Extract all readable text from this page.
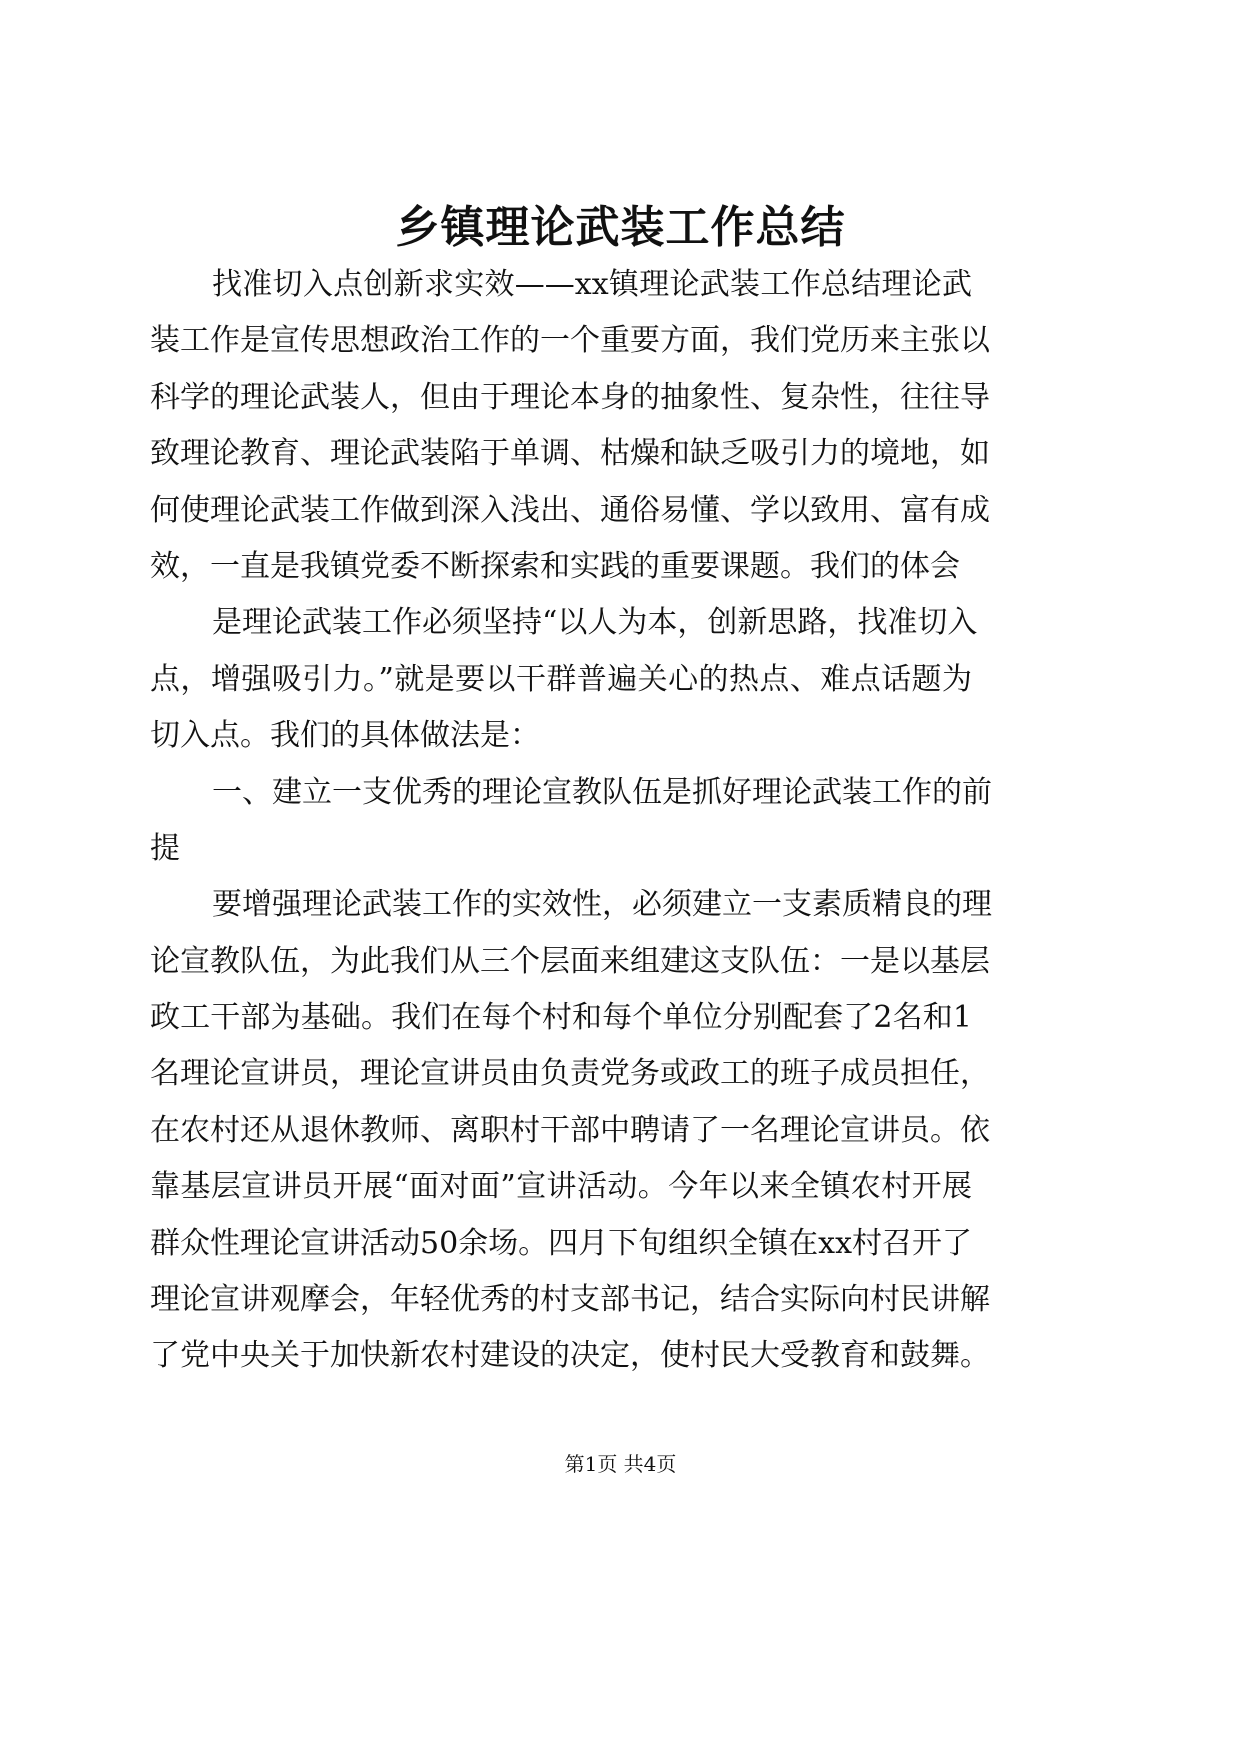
乡镇理论武装工作总结
找准切入点创新求实效——xx镇理论武装工作总结理论武
装工作是宣传思想政治工作的一个重要方面，我们党历来主张以
科学的理论武装人，但由于理论本身的抽象性、复杂性，往往导
致理论教育、理论武装陷于单调、枯燥和缺乏吸引力的境地，如
何使理论武装工作做到深入浅出、通俗易懂、学以致用、富有成
效，一直是我镇党委不断探索和实践的重要课题。我们的体会
是理论武装工作必须坚持“以人为本，创新思路，找准切入
点，增强吸引力。”就是要以干群普遍关心的热点、难点话题为
切入点。我们的具体做法是：
一、建立一支优秀的理论宣教队伍是抓好理论武装工作的前
提
要增强理论武装工作的实效性，必须建立一支素质精良的理
论宣教队伍，为此我们从三个层面来组建这支队伍：一是以基层
政工干部为基础。我们在每个村和每个单位分别配套了2名和1
名理论宣讲员，理论宣讲员由负责党务或政工的班子成员担任，
在农村还从退休教师、离职村干部中聘请了一名理论宣讲员。依
靠基层宣讲员开展“面对面”宣讲活动。今年以来全镇农村开展
群众性理论宣讲活动50余场。四月下旬组织全镇在xx村召开了
理论宣讲观摩会，年轻优秀的村支部书记，结合实际向村民讲解
了党中央关于加快新农村建设的决定，使村民大受教育和鼓舞。
第1页 共4页
